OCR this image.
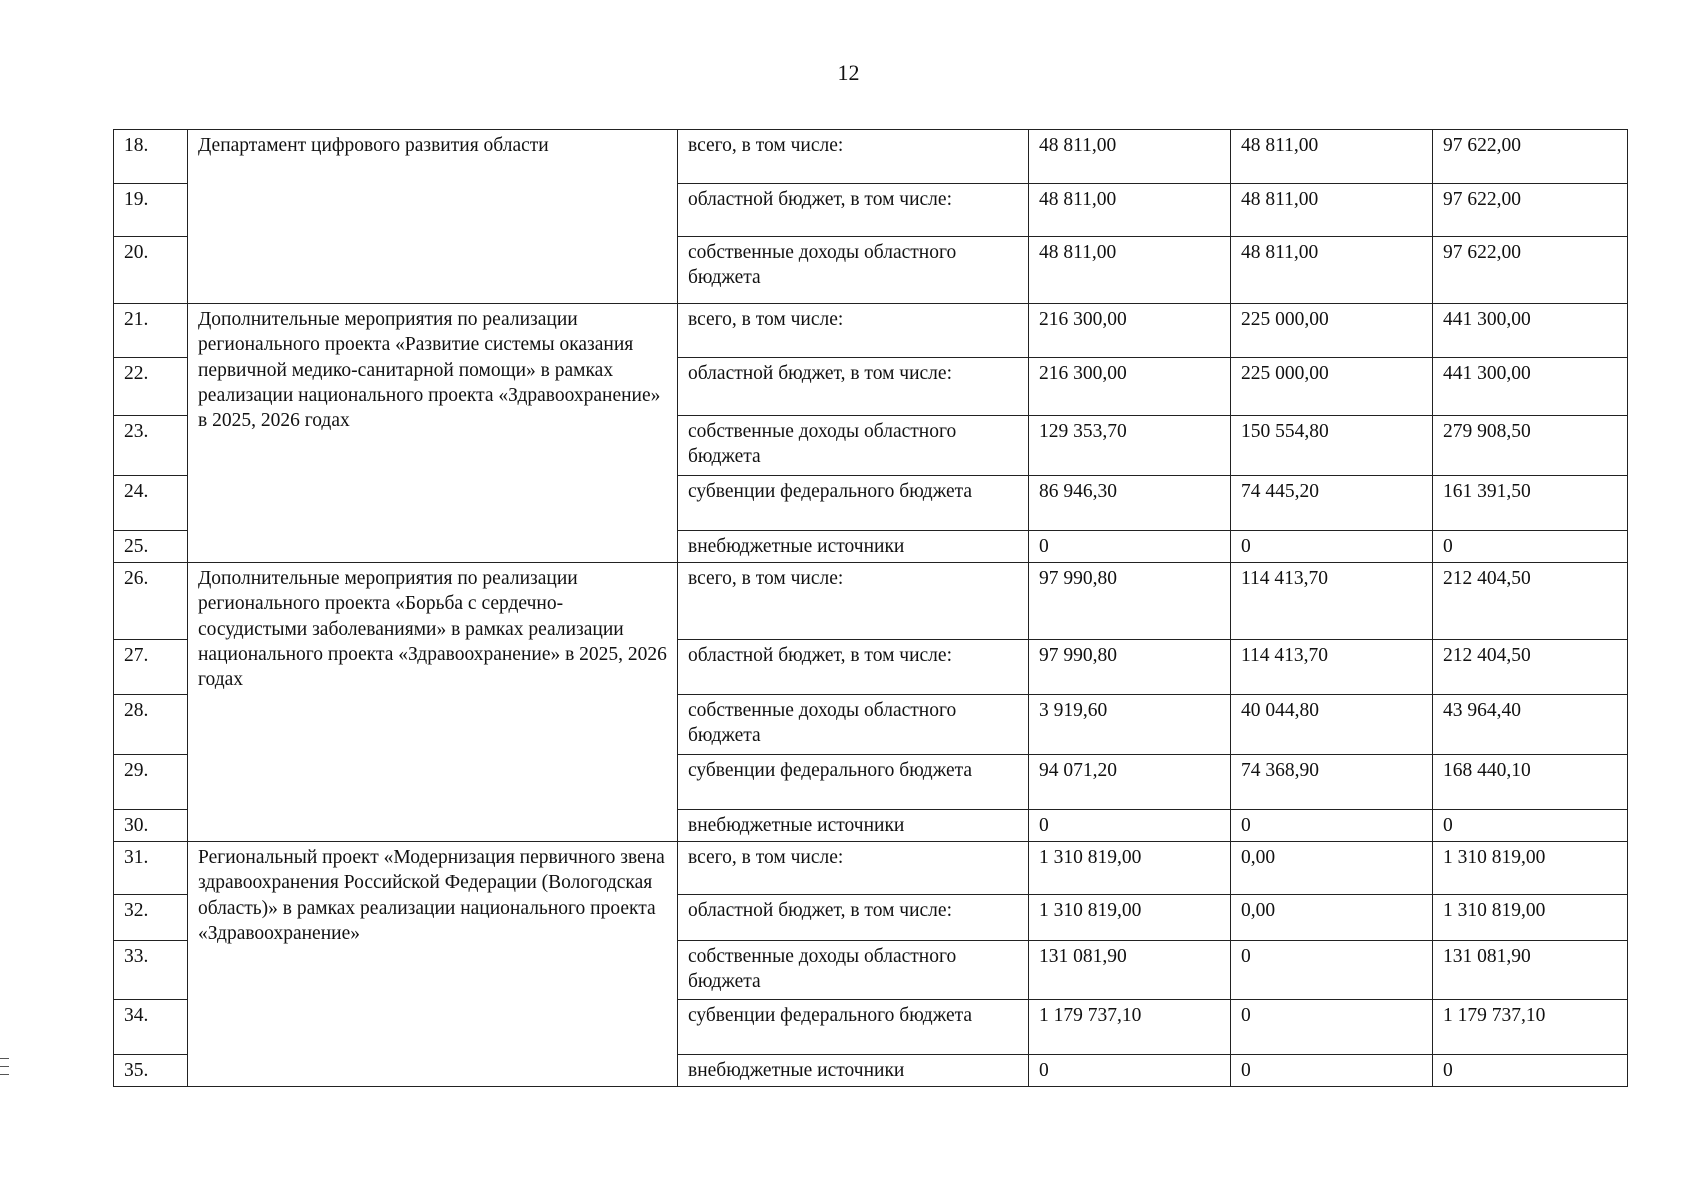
12
18.	Департамент цифрового развития области	всего, в том числе:	48 811,00	48 811,00	97 622,00
19.		областной бюджет, в том числе:	48 811,00	48 811,00	97 622,00
20.		собственные доходы областного бюджета	48 811,00	48 811,00	97 622,00
21.	Дополнительные мероприятия по реализации регионального проекта «Развитие системы оказания первичной медико-санитарной помощи» в рамках реализации национального проекта «Здравоохранение» в 2025, 2026 годах	всего, в том числе:	216 300,00	225 000,00	441 300,00
22.		областной бюджет, в том числе:	216 300,00	225 000,00	441 300,00
23.		собственные доходы областного бюджета	129 353,70	150 554,80	279 908,50
24.		субвенции федерального бюджета	86 946,30	74 445,20	161 391,50
25.		внебюджетные источники	0	0	0
26.	Дополнительные мероприятия по реализации регионального проекта «Борьба с сердечно-сосудистыми заболеваниями» в рамках реализации национального проекта «Здравоохранение» в 2025, 2026 годах	всего, в том числе:	97 990,80	114 413,70	212 404,50
27.		областной бюджет, в том числе:	97 990,80	114 413,70	212 404,50
28.		собственные доходы областного бюджета	3 919,60	40 044,80	43 964,40
29.		субвенции федерального бюджета	94 071,20	74 368,90	168 440,10
30.		внебюджетные источники	0	0	0
31.	Региональный проект «Модернизация первичного звена здравоохранения Российской Федерации (Вологодская область)» в рамках реализации национального проекта «Здравоохранение»	всего, в том числе:	1 310 819,00	0,00	1 310 819,00
32.		областной бюджет, в том числе:	1 310 819,00	0,00	1 310 819,00
33.		собственные доходы областного бюджета	131 081,90	0	131 081,90
34.		субвенции федерального бюджета	1 179 737,10	0	1 179 737,10
35.		внебюджетные источники	0	0	0
